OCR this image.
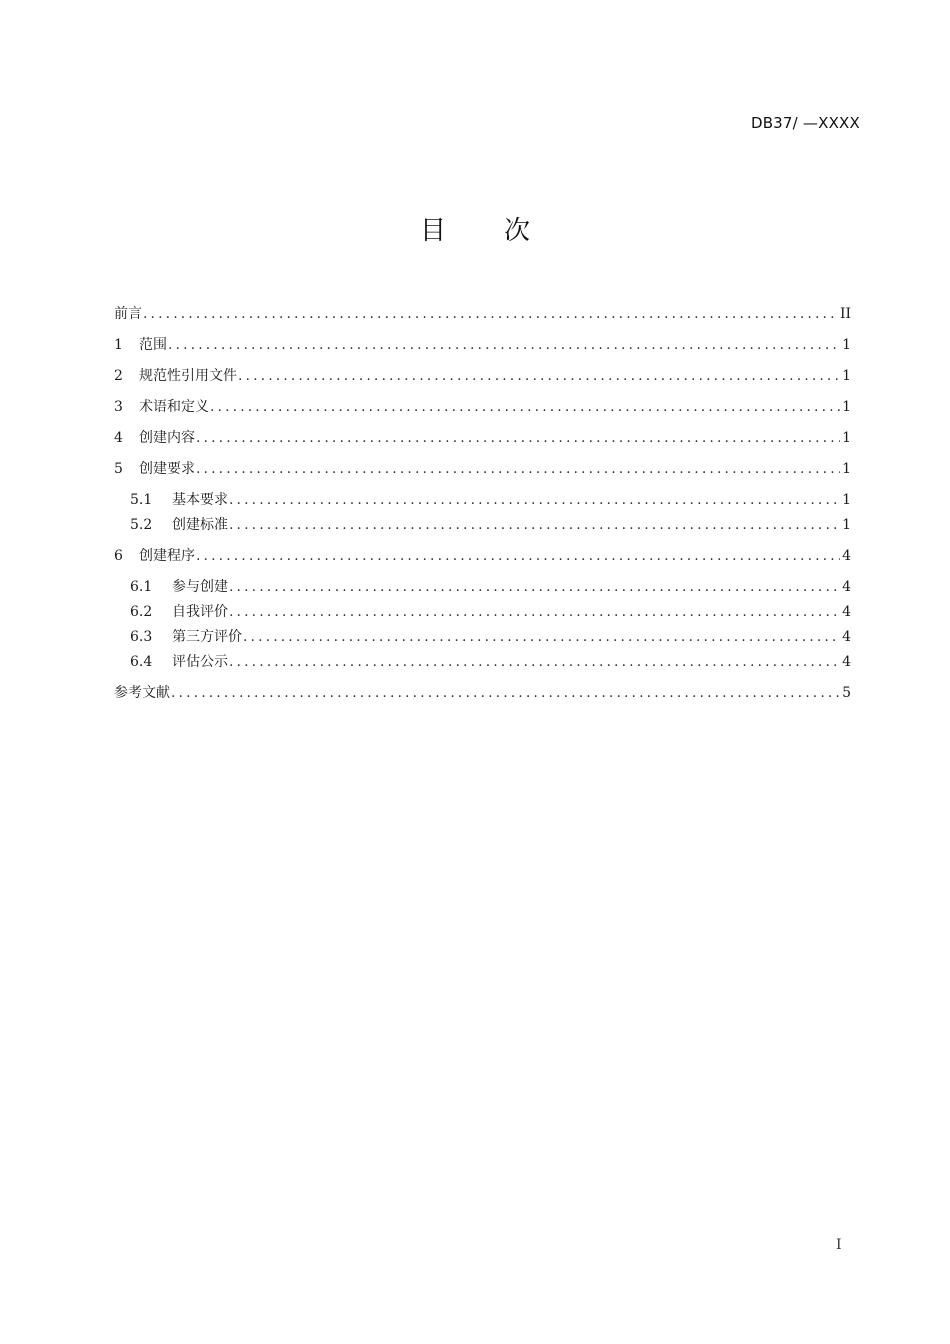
DB37/ —XXXX
目次
前言 .....	II
1	范围 .....	1
2	规范性引用文件 .....	1
3	术语和定义 .....	1
4	创建内容 .....	1
5	创建要求 .....	1
5.1	基本要求 .....	1
5.2	创建标准 .....	1
6	创建程序 .....	4
6.1	参与创建 .....	4
6.2	自我评价 .....	4
6.3	第三方评价 .....	4
6.4	评估公示 .....	4
参考文献 .....	5
I
